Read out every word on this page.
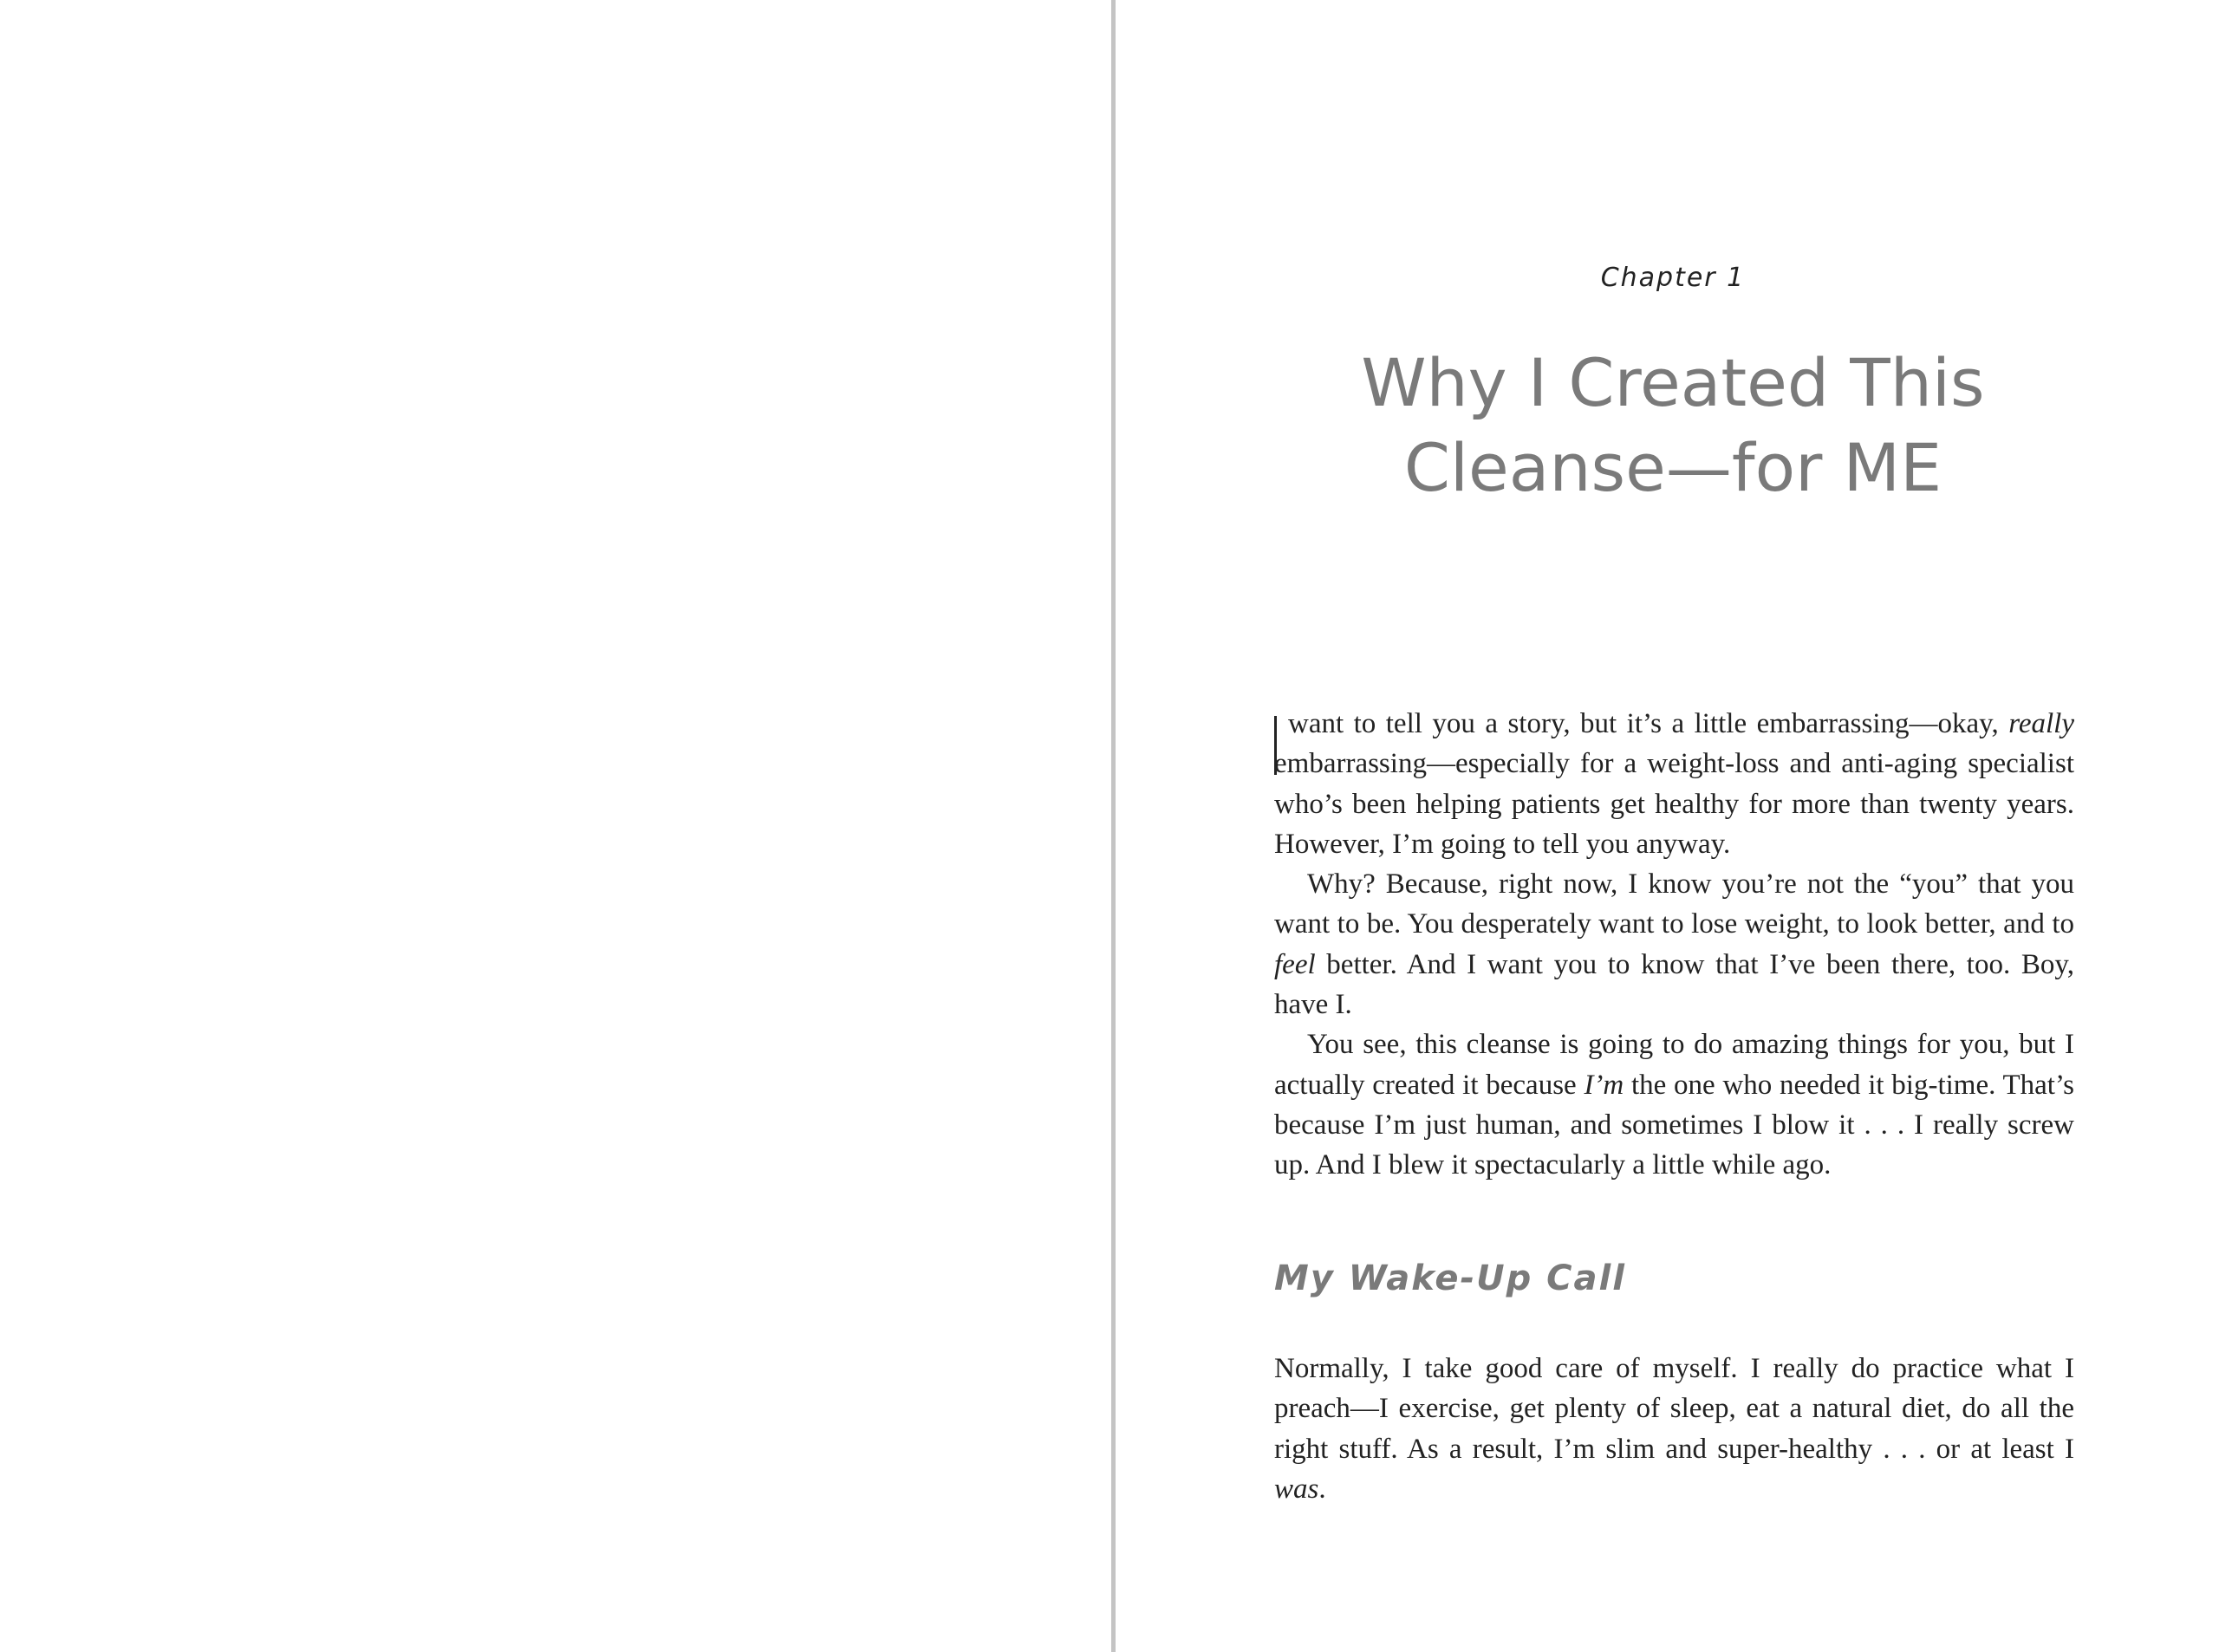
Chapter 1
Why I Created This
Cleanse—for ME

want to tell you a story, but it’s a little embarrassing—okay, really embarrassing—especially for a weight-loss and anti-aging specialist who’s been helping patients get healthy for more than twenty years. However, I’m going to tell you anyway.

Why? Because, right now, I know you’re not the “you” that you want to be. You desperately want to lose weight, to look better, and to feel better. And I want you to know that I’ve been there, too. Boy, have I.

You see, this cleanse is going to do amazing things for you, but I actually created it because I’m the one who needed it big-time. That’s because I’m just human, and sometimes I blow it . . . I really screw up. And I blew it spectacularly a little while ago.

My Wake-Up Call

Normally, I take good care of myself. I really do practice what I preach—I exercise, get plenty of sleep, eat a natural diet, do all the right stuff. As a result, I’m slim and super-healthy . . . or at least I was.
